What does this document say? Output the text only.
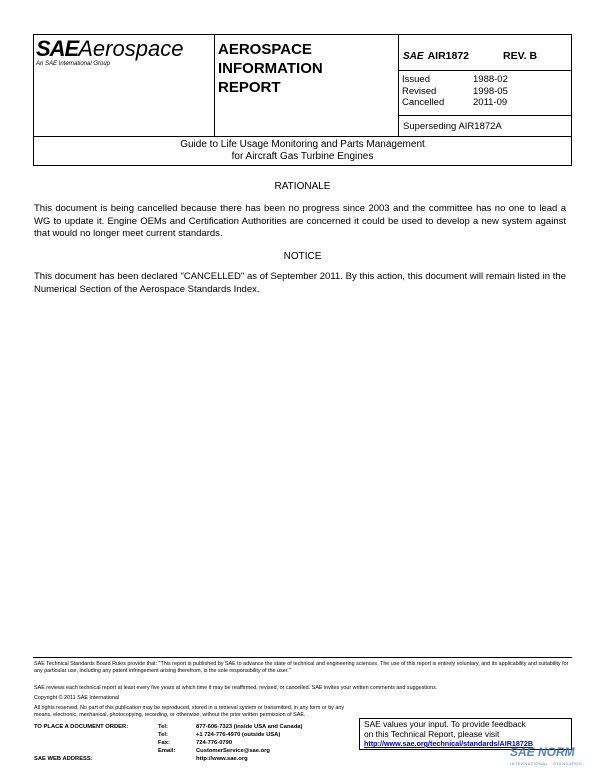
SAEAerospace
An SAE International Group
AEROSPACE
INFORMATION
REPORT
SAE AIR1872	REV. B
Issued	1988-02
Revised	1998-05
Cancelled	2011-09
Superseding AIR1872A
Guide to Life Usage Monitoring and Parts Management
for Aircraft Gas Turbine Engines
RATIONALE
This document is being cancelled because there has been no progress since 2003 and the committee has no one to lead a WG to update it. Engine OEMs and Certification Authorities are concerned it could be used to develop a new system against that would no longer meet current standards.
NOTICE
This document has been declared "CANCELLED" as of September 2011. By this action, this document will remain listed in the Numerical Section of the Aerospace Standards Index.
SAE Technical Standards Board Rules provide that: "This report is published by SAE to advance the state of technical and engineering sciences. The use of this report is entirely voluntary, and its applicability and suitability for any particular use, including any patent infringement arising therefrom, is the sole responsibility of the user."
SAE reviews each technical report at least every five years at which time it may be reaffirmed, revised, or cancelled. SAE invites your written comments and suggestions.
Copyright © 2011 SAE International
All rights reserved. No part of this publication may be reproduced, stored in a retrieval system or transmitted, in any form or by any means, electronic, mechanical, photocopying, recording, or otherwise, without the prior written permission of SAE.
TO PLACE A DOCUMENT ORDER:	Tel:	877-606-7323 (inside USA and Canada)
	Tel:	+1 724-776-4970 (outside USA)
	Fax:	724-776-0790
	Email:	CustomerService@sae.org
SAE WEB ADDRESS:		http://www.sae.org
SAE values your input. To provide feedback
on this Technical Report, please visit
http://www.sae.org/technical/standards/AIR1872B
SAE NORM
INTERNATIONAL · STANDARDS
